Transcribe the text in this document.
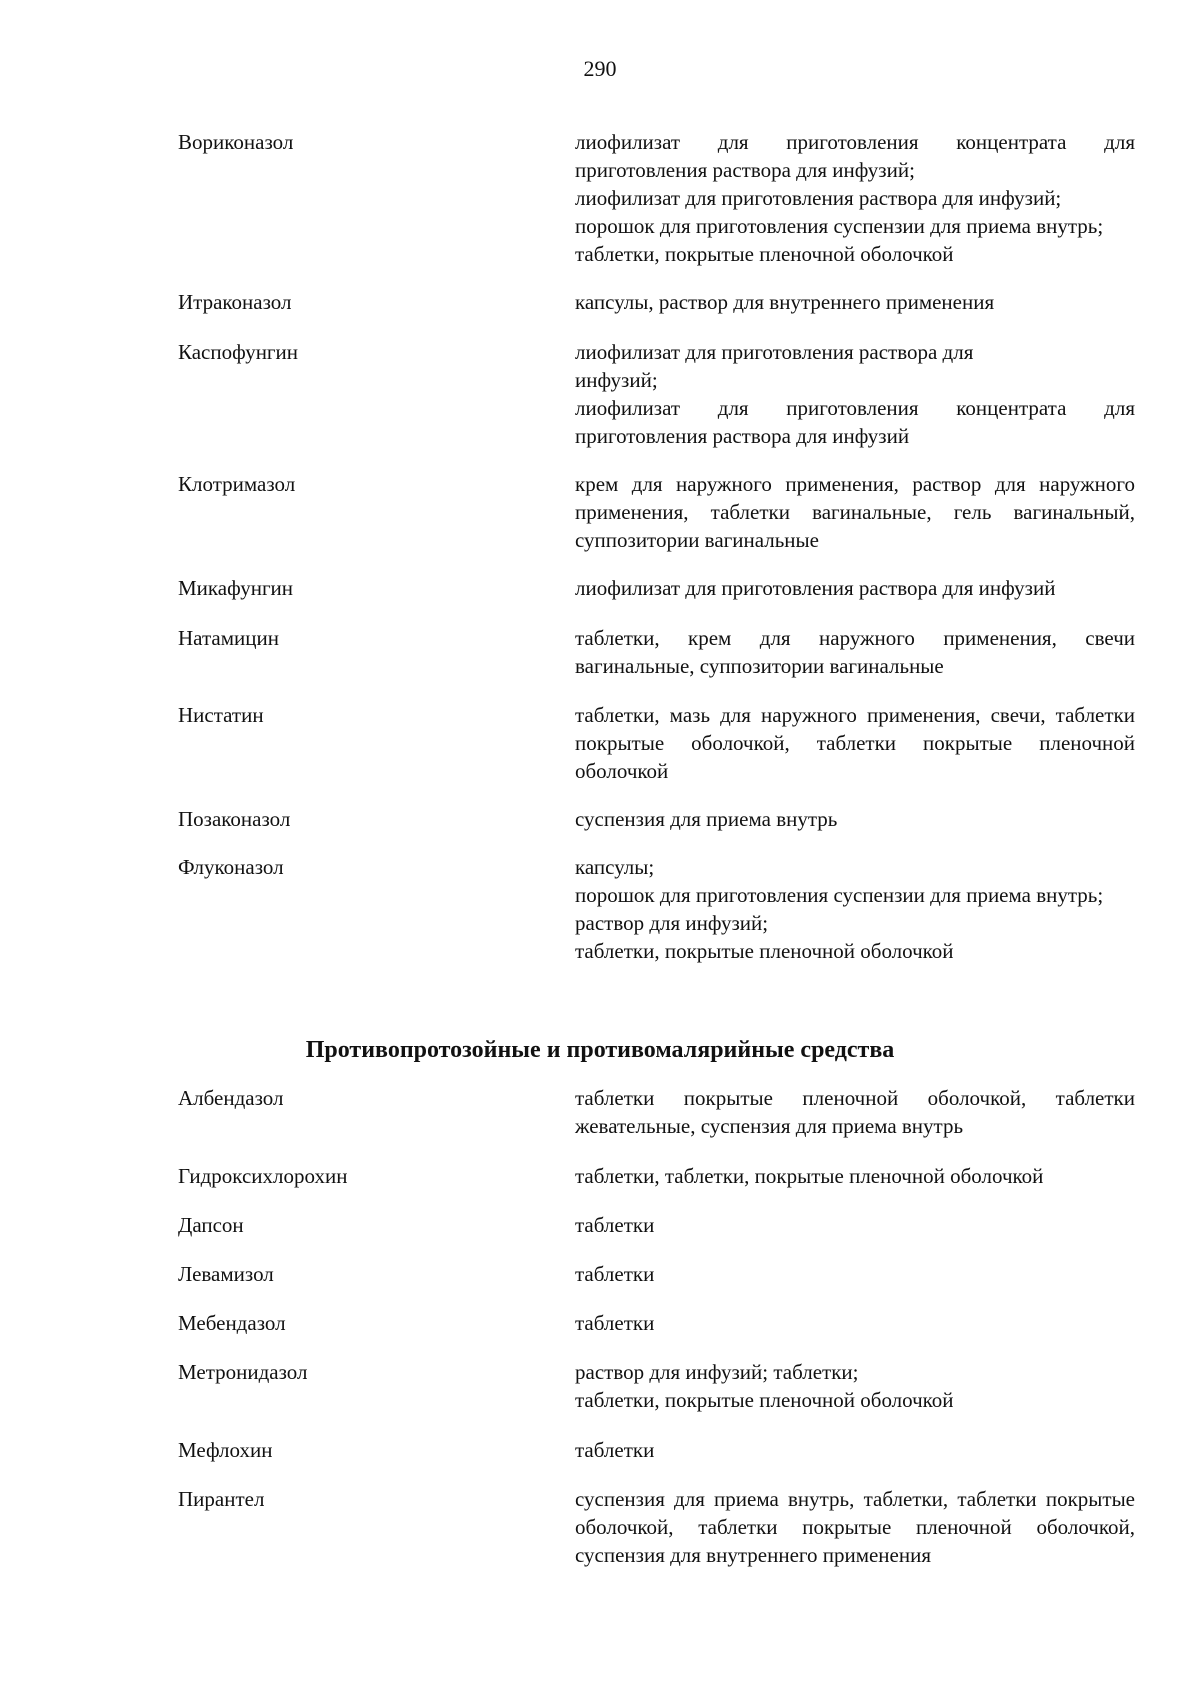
290
Вориконазол	лиофилизат для приготовления концентрата для приготовления раствора для инфузий;
лиофилизат для приготовления раствора для инфузий;
порошок для приготовления суспензии для приема внутрь;
таблетки, покрытые пленочной оболочкой
Итраконазол	капсулы, раствор для внутреннего применения
Каспофунгин	лиофилизат для приготовления раствора для инфузий;
лиофилизат для приготовления концентрата для приготовления раствора для инфузий
Клотримазол	крем для наружного применения, раствор для наружного применения, таблетки вагинальные, гель вагинальный, суппозитории вагинальные
Микафунгин	лиофилизат для приготовления раствора для инфузий
Натамицин	таблетки, крем для наружного применения, свечи вагинальные, суппозитории вагинальные
Нистатин	таблетки, мазь для наружного применения, свечи, таблетки покрытые оболочкой, таблетки покрытые пленочной оболочкой
Позаконазол	суспензия для приема внутрь
Флуконазол	капсулы;
порошок для приготовления суспензии для приема внутрь;
раствор для инфузий;
таблетки, покрытые пленочной оболочкой
Противопротозойные и противомалярийные средства
Албендазол	таблетки покрытые пленочной оболочкой, таблетки жевательные, суспензия для приема внутрь
Гидроксихлорохин	таблетки, таблетки, покрытые пленочной оболочкой
Дапсон	таблетки
Левамизол	таблетки
Мебендазол	таблетки
Метронидазол	раствор для инфузий; таблетки;
таблетки, покрытые пленочной оболочкой
Мефлохин	таблетки
Пирантел	суспензия для приема внутрь, таблетки, таблетки покрытые оболочкой, таблетки покрытые пленочной оболочкой, суспензия для внутреннего применения
